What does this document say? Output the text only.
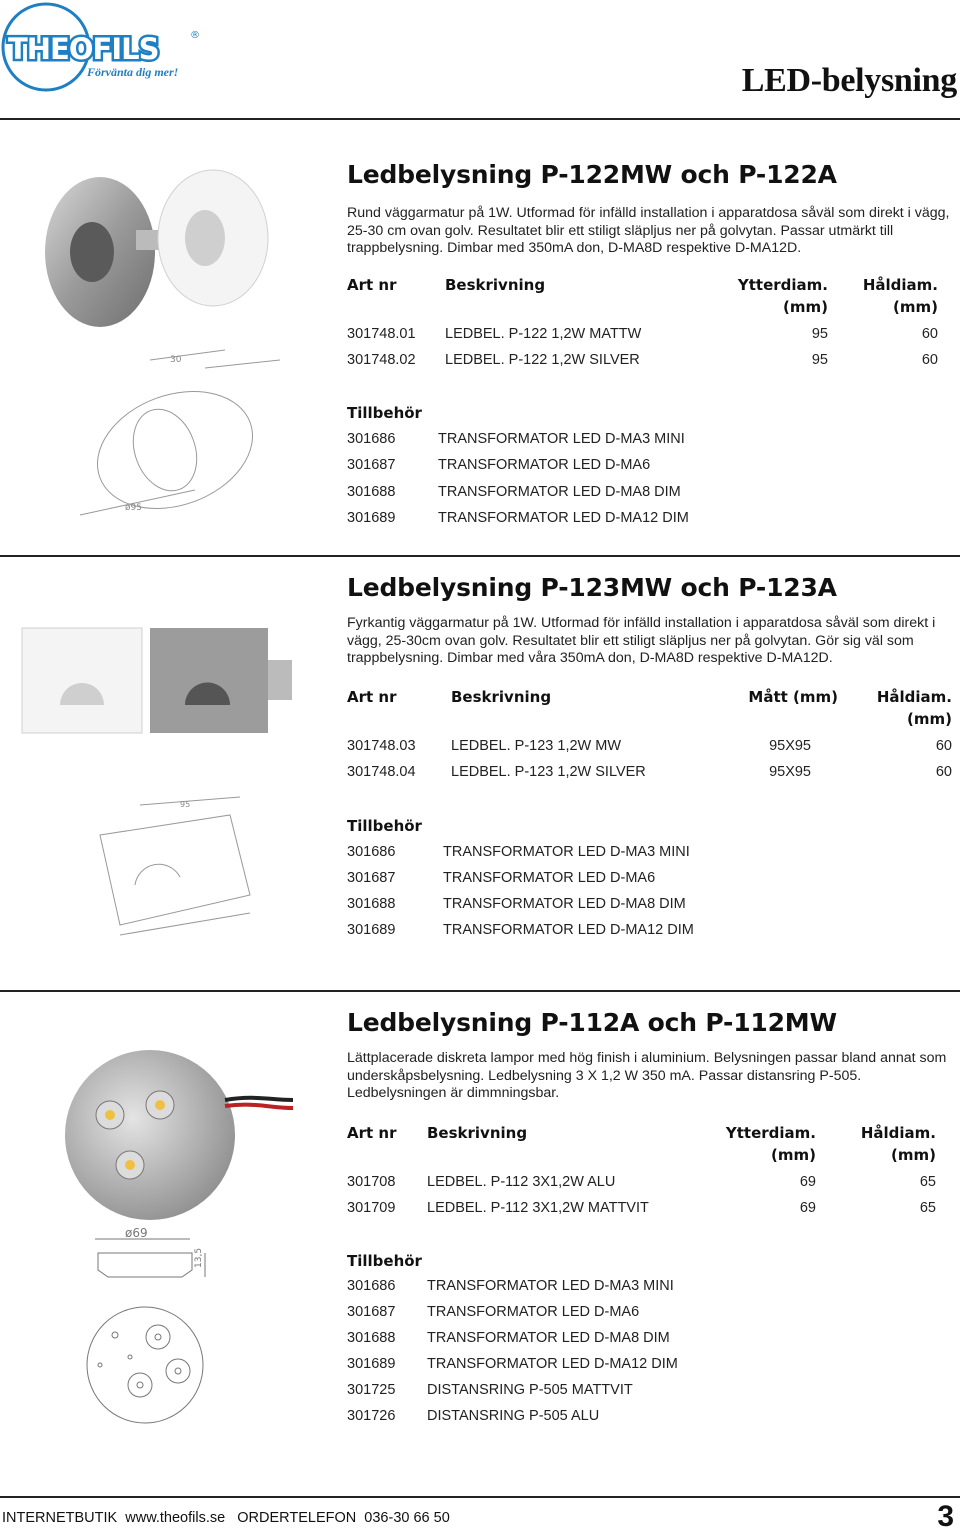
THEOFILS
Förvänta dig mer!
®
LED-belysning
30
ø95
95
ø69
13,5
Ledbelysning P-122MW och P-122A
Rund väggarmatur på 1W. Utformad för infälld installation i apparatdosa såväl som direkt i vägg, 25-30 cm ovan golv. Resultatet blir ett stiligt släpljus ner på golvytan. Passar utmärkt till trappbelysning. Dimbar med 350mA don, D-MA8D respektive D-MA12D.
Art nr	Beskrivning	Ytterdiam.
(mm)
Håldiam.
(mm)
301748.01 LEDBEL. P-122 1,2W MATTW	95	60
301748.02 LEDBEL. P-122 1,2W SILVER	95	60
Tillbehör
301686	TRANSFORMATOR LED D-MA3 MINI
301687	TRANSFORMATOR LED D-MA6
301688	TRANSFORMATOR LED D-MA8 DIM
301689	TRANSFORMATOR LED D-MA12 DIM
Ledbelysning P-123MW och P-123A
Fyrkantig väggarmatur på 1W. Utformad för infälld installation i apparatdosa såväl som direkt i vägg, 25-30cm ovan golv. Resultatet blir ett stiligt släpljus ner på golvytan. Gör sig väl som trappbelysning. Dimbar med våra 350mA don, D-MA8D respektive D-MA12D.
Art nr	Beskrivning	Mått (mm)	Håldiam.
(mm)
301748.03 LEDBEL. P-123 1,2W MW	95X95	60
301748.04 LEDBEL. P-123 1,2W SILVER	95X95	60
Tillbehör
301686	TRANSFORMATOR LED D-MA3 MINI
301687	TRANSFORMATOR LED D-MA6
301688	TRANSFORMATOR LED D-MA8 DIM
301689	TRANSFORMATOR LED D-MA12 DIM
Ledbelysning P-112A och P-112MW
Lättplacerade diskreta lampor med hög finish i aluminium. Belysningen passar bland annat som underskåpsbelysning. Ledbelysning 3 X 1,2 W 350 mA. Passar distansring P-505. Ledbelysningen är dimmningsbar.
Art nr Beskrivning	Ytterdiam.
(mm)
Håldiam.
(mm)
301708 LEDBEL. P-112 3X1,2W ALU	69	65
301709 LEDBEL. P-112 3X1,2W MATTVIT	69	65
Tillbehör
301686 TRANSFORMATOR LED D-MA3 MINI
301687 TRANSFORMATOR LED D-MA6
301688 TRANSFORMATOR LED D-MA8 DIM
301689 TRANSFORMATOR LED D-MA12 DIM
301725 DISTANSRING P-505 MATTVIT
301726 DISTANSRING P-505 ALU
INTERNETBUTIK  www.theofils.se   ORDERTELEFON  036-30 66 50	3
